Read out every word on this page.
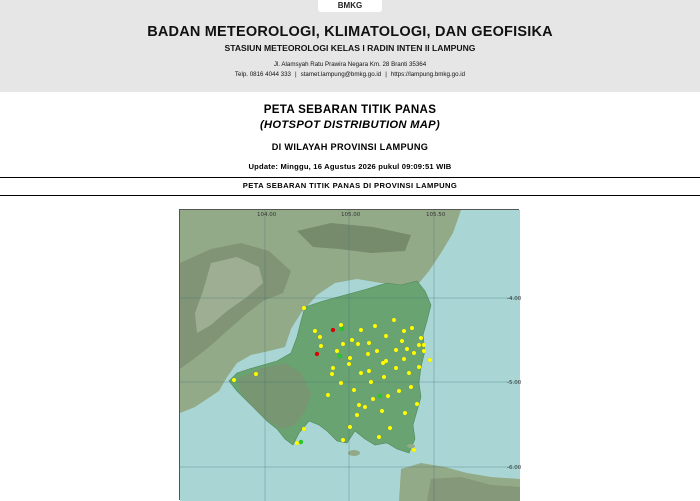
BMKG
BADAN METEOROLOGI, KLIMATOLOGI, DAN GEOFISIKA
STASIUN METEOROLOGI KELAS I RADIN INTEN II LAMPUNG
Jl. Alamsyah Ratu Prawira Negara Km. 28 Branti 35364
Telp. 0816 4044 333 | stamet.lampung@bmkg.go.id | https://lampung.bmkg.go.id
PETA SEBARAN TITIK PANAS
(HOTSPOT DISTRIBUTION MAP)
DI WILAYAH PROVINSI LAMPUNG
Update: Minggu, 16 Agustus 2026 pukul 09:09:51 WIB
PETA SEBARAN TITIK PANAS DI PROVINSI LAMPUNG
104.00	105.00	105.50
-4.00
-5.00
-6.00
